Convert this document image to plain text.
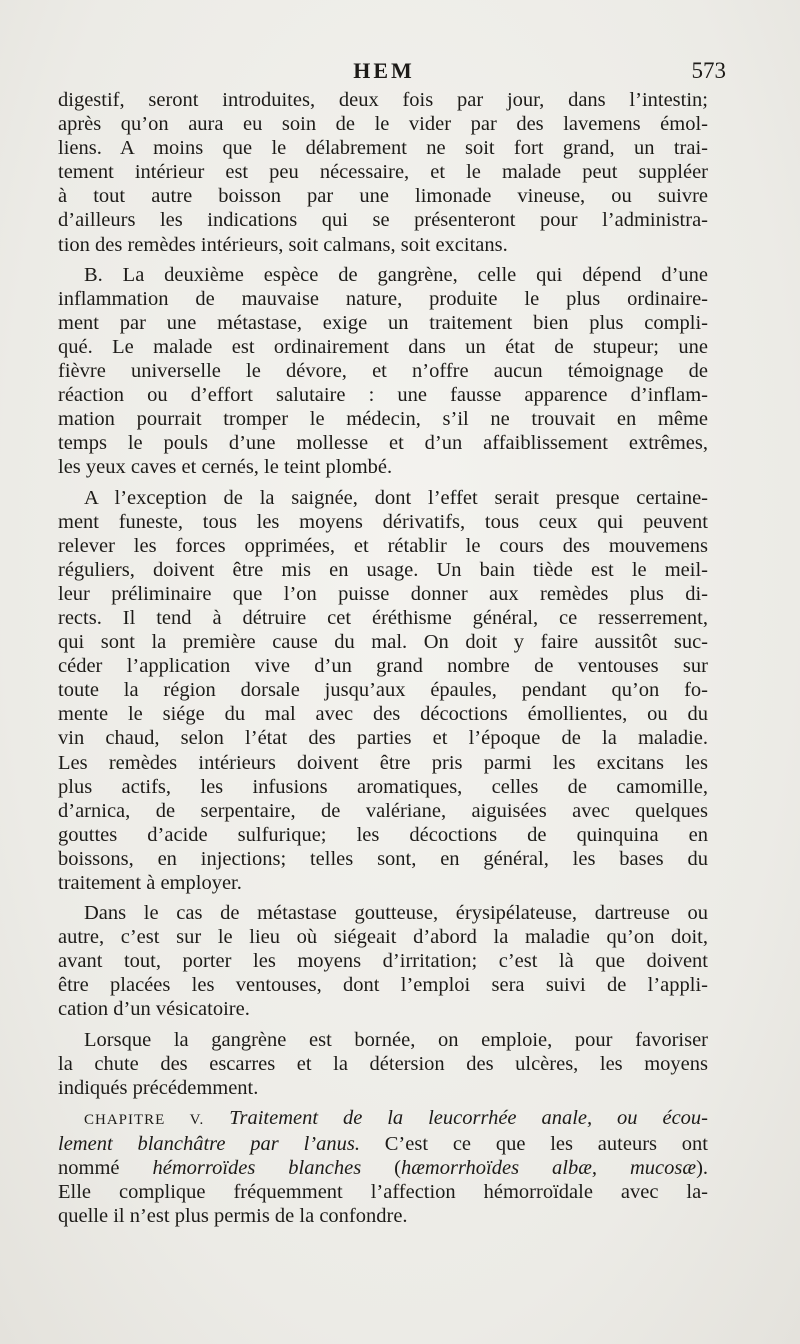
HEM	573

digestif, seront introduites, deux fois par jour, dans l’intestin;
après qu’on aura eu soin de le vider par des lavemens émol-
liens. A moins que le délabrement ne soit fort grand, un trai-
tement intérieur est peu nécessaire, et le malade peut suppléer
à tout autre boisson par une limonade vineuse, ou suivre
d’ailleurs les indications qui se présenteront pour l’administra-
tion des remèdes intérieurs, soit calmans, soit excitans.

B. La deuxième espèce de gangrène, celle qui dépend d’une
inflammation de mauvaise nature, produite le plus ordinaire-
ment par une métastase, exige un traitement bien plus compli-
qué. Le malade est ordinairement dans un état de stupeur; une
fièvre universelle le dévore, et n’offre aucun témoignage de
réaction ou d’effort salutaire : une fausse apparence d’inflam-
mation pourrait tromper le médecin, s’il ne trouvait en même
temps le pouls d’une mollesse et d’un affaiblissement extrêmes,
les yeux caves et cernés, le teint plombé.

A l’exception de la saignée, dont l’effet serait presque certaine-
ment funeste, tous les moyens dérivatifs, tous ceux qui peuvent
relever les forces opprimées, et rétablir le cours des mouvemens
réguliers, doivent être mis en usage. Un bain tiède est le meil-
leur préliminaire que l’on puisse donner aux remèdes plus di-
rects. Il tend à détruire cet éréthisme général, ce resserrement,
qui sont la première cause du mal. On doit y faire aussitôt suc-
céder l’application vive d’un grand nombre de ventouses sur
toute la région dorsale jusqu’aux épaules, pendant qu’on fo-
mente le siége du mal avec des décoctions émollientes, ou du
vin chaud, selon l’état des parties et l’époque de la maladie.
Les remèdes intérieurs doivent être pris parmi les excitans les
plus actifs, les infusions aromatiques, celles de camomille,
d’arnica, de serpentaire, de valériane, aiguisées avec quelques
gouttes d’acide sulfurique; les décoctions de quinquina en
boissons, en injections; telles sont, en général, les bases du
traitement à employer.

Dans le cas de métastase goutteuse, érysipélateuse, dartreuse ou
autre, c’est sur le lieu où siégeait d’abord la maladie qu’on doit,
avant tout, porter les moyens d’irritation; c’est là que doivent
être placées les ventouses, dont l’emploi sera suivi de l’appli-
cation d’un vésicatoire.

Lorsque la gangrène est bornée, on emploie, pour favoriser
la chute des escarres et la détersion des ulcères, les moyens
indiqués précédemment.

CHAPITRE V. Traitement de la leucorrhée anale, ou écou-
lement blanchâtre par l’anus. C’est ce que les auteurs ont
nommé hémorroïdes blanches (hæmorrhoïdes albæ, mucosæ).
Elle complique fréquemment l’affection hémorroïdale avec la-
quelle il n’est plus permis de la confondre.
